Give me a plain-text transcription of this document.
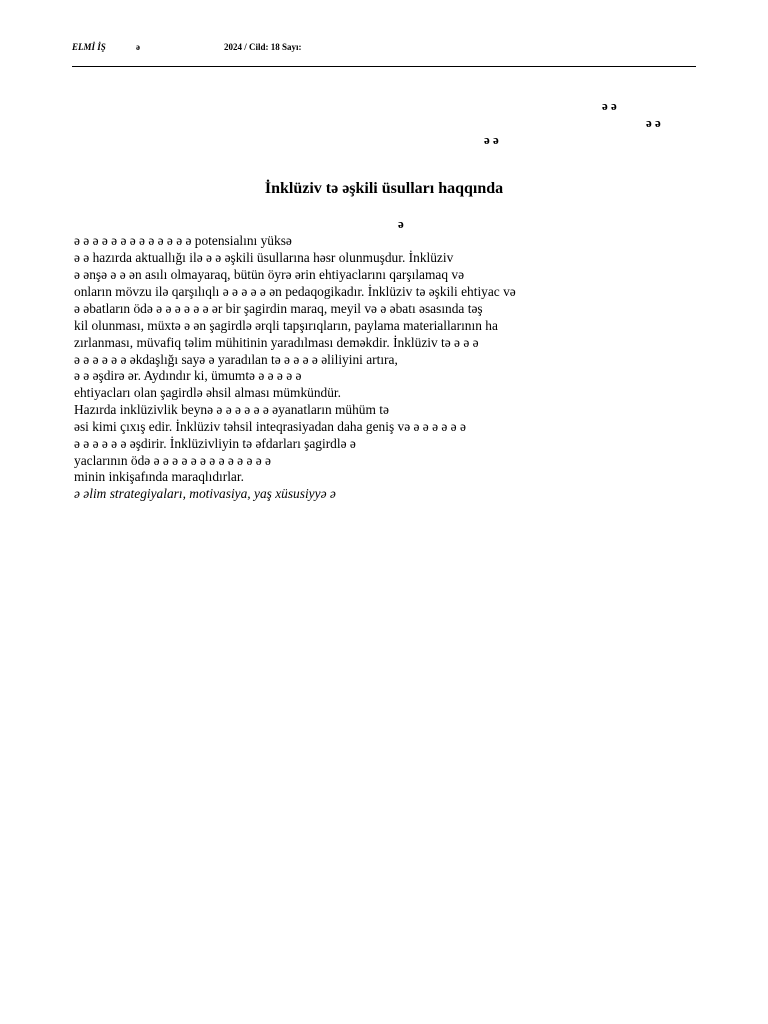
ELMİ İŞ	ə	2024 / Cild: 18 Sayı:
ə ə
ə ə
ə ə
İnklüziv tə əşkili üsulları haqqında
ə
ə ə ə ə ə ə ə ə ə ə ə ə ə potensialını yüksə
ə ə hazırda aktuallığı ilə ə ə əşkili üsullarına həsr olunmuşdur. İnklüziv
ə ənşə ə ə ən asılı olmayaraq, bütün öyrə ərin ehtiyaclarını qarşılamaq və
onların mövzu ilə qarşılıqlı ə ə ə ə ə ən pedaqogikadır. İnklüziv tə əşkili ehtiyac və
ə əbatların ödə ə ə ə ə ə ə ər bir şagirdin maraq, meyil və ə əbatı əsasında təş
kil olunması, müxtə ə ən şagirdlə ərqli tapşırıqların, paylama materiallarının ha
zırlanması, müvafiq təlim mühitinin yaradılması deməkdir. İnklüziv tə ə ə ə
ə ə ə ə ə ə əkdaşlığı sayə ə yaradılan tə ə ə ə ə əliliyini artıra,
ə ə əşdirə ər. Aydındır ki, ümumtə ə ə ə ə ə
ehtiyacları olan şagirdlə əhsil alması mümkündür.
Hazırda inklüzivlik beynə ə ə ə ə ə ə əyanatların mühüm tə
əsi kimi çıxış edir. İnklüziv təhsil inteqrasiyadan daha geniş və ə ə ə ə ə ə
ə ə ə ə ə ə əşdirir. İnklüzivliyin tə əfdarları şagirdlə ə
yaclarının ödə ə ə ə ə ə ə ə ə ə ə ə ə ə
minin inkişafında maraqlıdırlar.
ə əlim strategiyaları, motivasiya, yaş xüsusiyyə ə
